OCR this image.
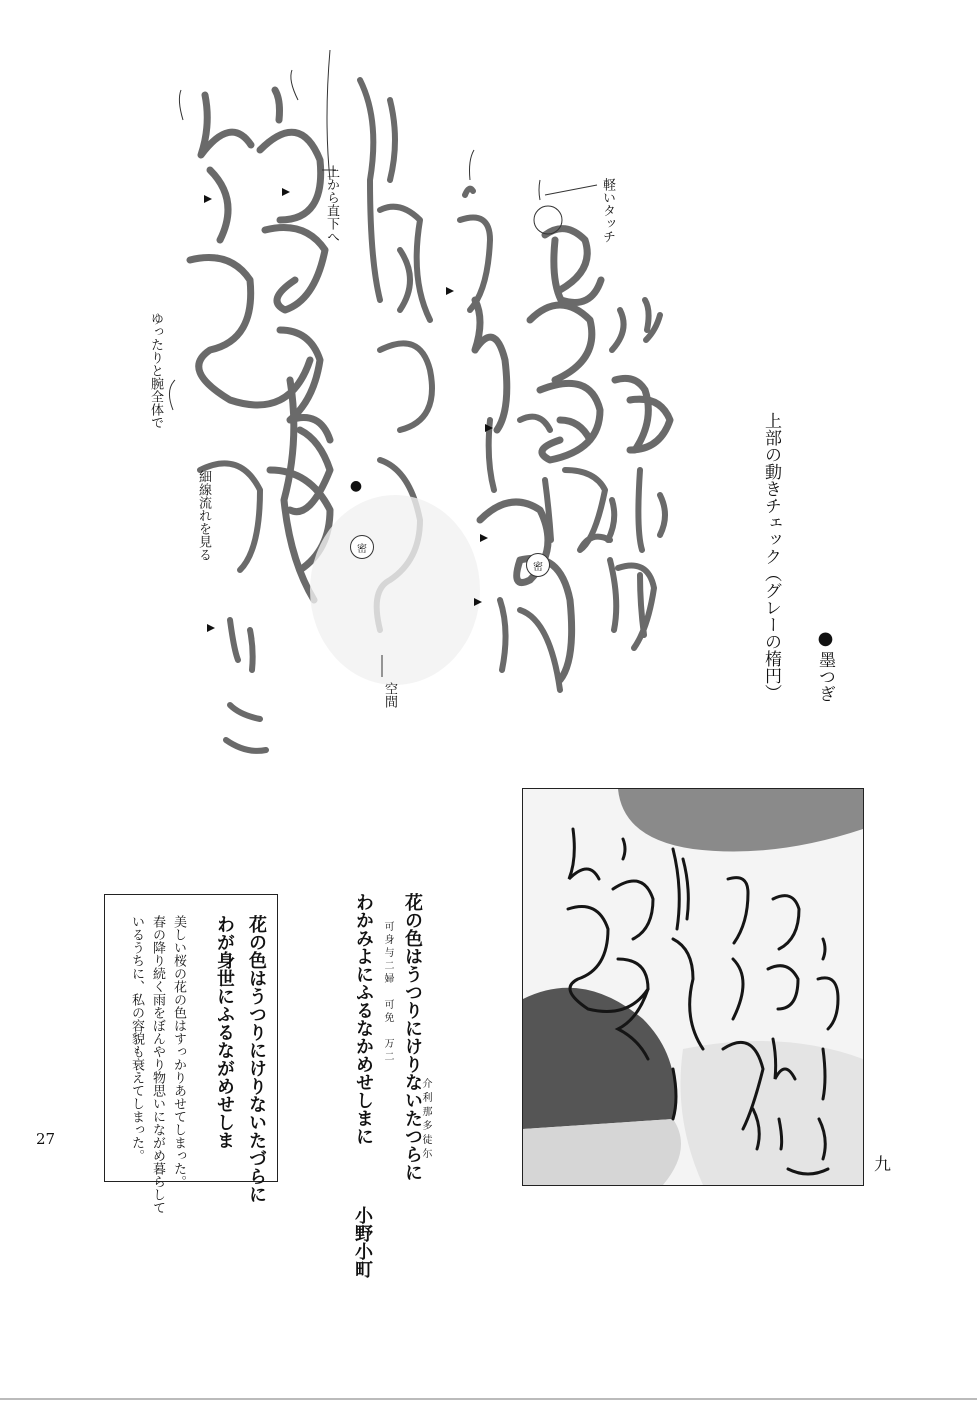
軽いタッチ
上から直下へ
ゆったりと腕全体で
細線流れを見る	密
密
●
空間
●
墨つぎ
上部の動きチェック（グレーの楕円）
九
花の色はうつりにけりないたつらに
可身与二婦　可免　万二
わかみよにふるなかめせしまに	介利那多徒尓
小野小町
花の色はうつりにけりないたづらに
わが身世にふるながめせしま
美しい桜の花の色はすっかりあせてしまった。
春の降り続く雨をぼんやり物思いにながめ暮らして
いるうちに、私の容貌も衰えてしまった。
27
